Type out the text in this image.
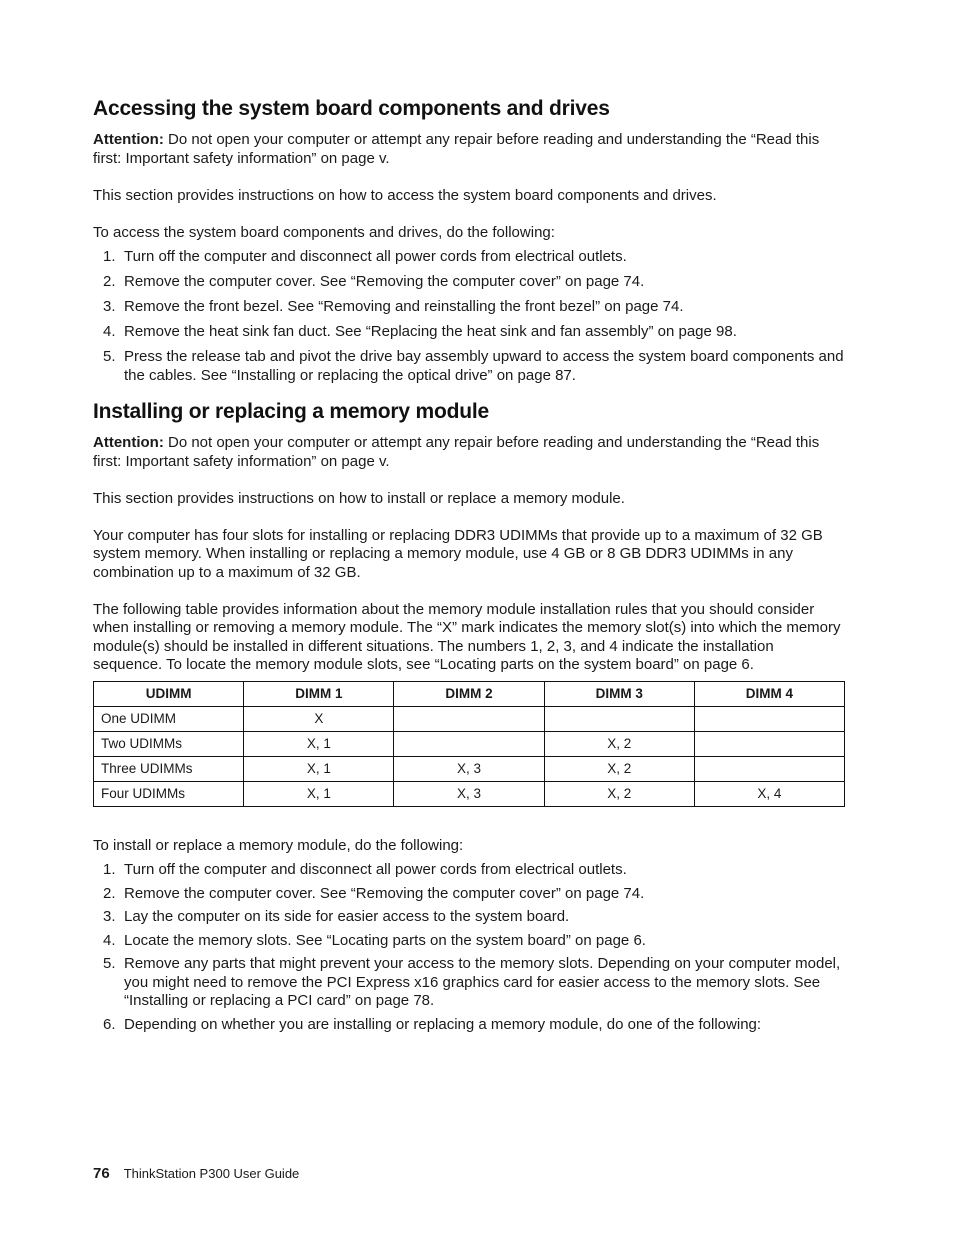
Accessing the system board components and drives

Attention: Do not open your computer or attempt any repair before reading and understanding the “Read this first: Important safety information” on page v.

This section provides instructions on how to access the system board components and drives.

To access the system board components and drives, do the following:

1. Turn off the computer and disconnect all power cords from electrical outlets.
2. Remove the computer cover. See “Removing the computer cover” on page 74.
3. Remove the front bezel. See “Removing and reinstalling the front bezel” on page 74.
4. Remove the heat sink fan duct. See “Replacing the heat sink and fan assembly” on page 98.
5. Press the release tab and pivot the drive bay assembly upward to access the system board components and the cables. See “Installing or replacing the optical drive” on page 87.
Installing or replacing a memory module

Attention: Do not open your computer or attempt any repair before reading and understanding the “Read this first: Important safety information” on page v.

This section provides instructions on how to install or replace a memory module.

Your computer has four slots for installing or replacing DDR3 UDIMMs that provide up to a maximum of 32 GB system memory. When installing or replacing a memory module, use 4 GB or 8 GB DDR3 UDIMMs in any combination up to a maximum of 32 GB.

The following table provides information about the memory module installation rules that you should consider when installing or removing a memory module. The “X” mark indicates the memory slot(s) into which the memory module(s) should be installed in different situations. The numbers 1, 2, 3, and 4 indicate the installation sequence. To locate the memory module slots, see “Locating parts on the system board” on page 6.

UDIMM	DIMM 1	DIMM 2	DIMM 3	DIMM 4
One UDIMM	X			
Two UDIMMs	X, 1		X, 2	
Three UDIMMs	X, 1	X, 3	X, 2	
Four UDIMMs	X, 1	X, 3	X, 2	X, 4

To install or replace a memory module, do the following:

1. Turn off the computer and disconnect all power cords from electrical outlets.
2. Remove the computer cover. See “Removing the computer cover” on page 74.
3. Lay the computer on its side for easier access to the system board.
4. Locate the memory slots. See “Locating parts on the system board” on page 6.
5. Remove any parts that might prevent your access to the memory slots. Depending on your computer model, you might need to remove the PCI Express x16 graphics card for easier access to the memory slots. See “Installing or replacing a PCI card” on page 78.
6. Depending on whether you are installing or replacing a memory module, do one of the following:
76 ThinkStation P300 User Guide
